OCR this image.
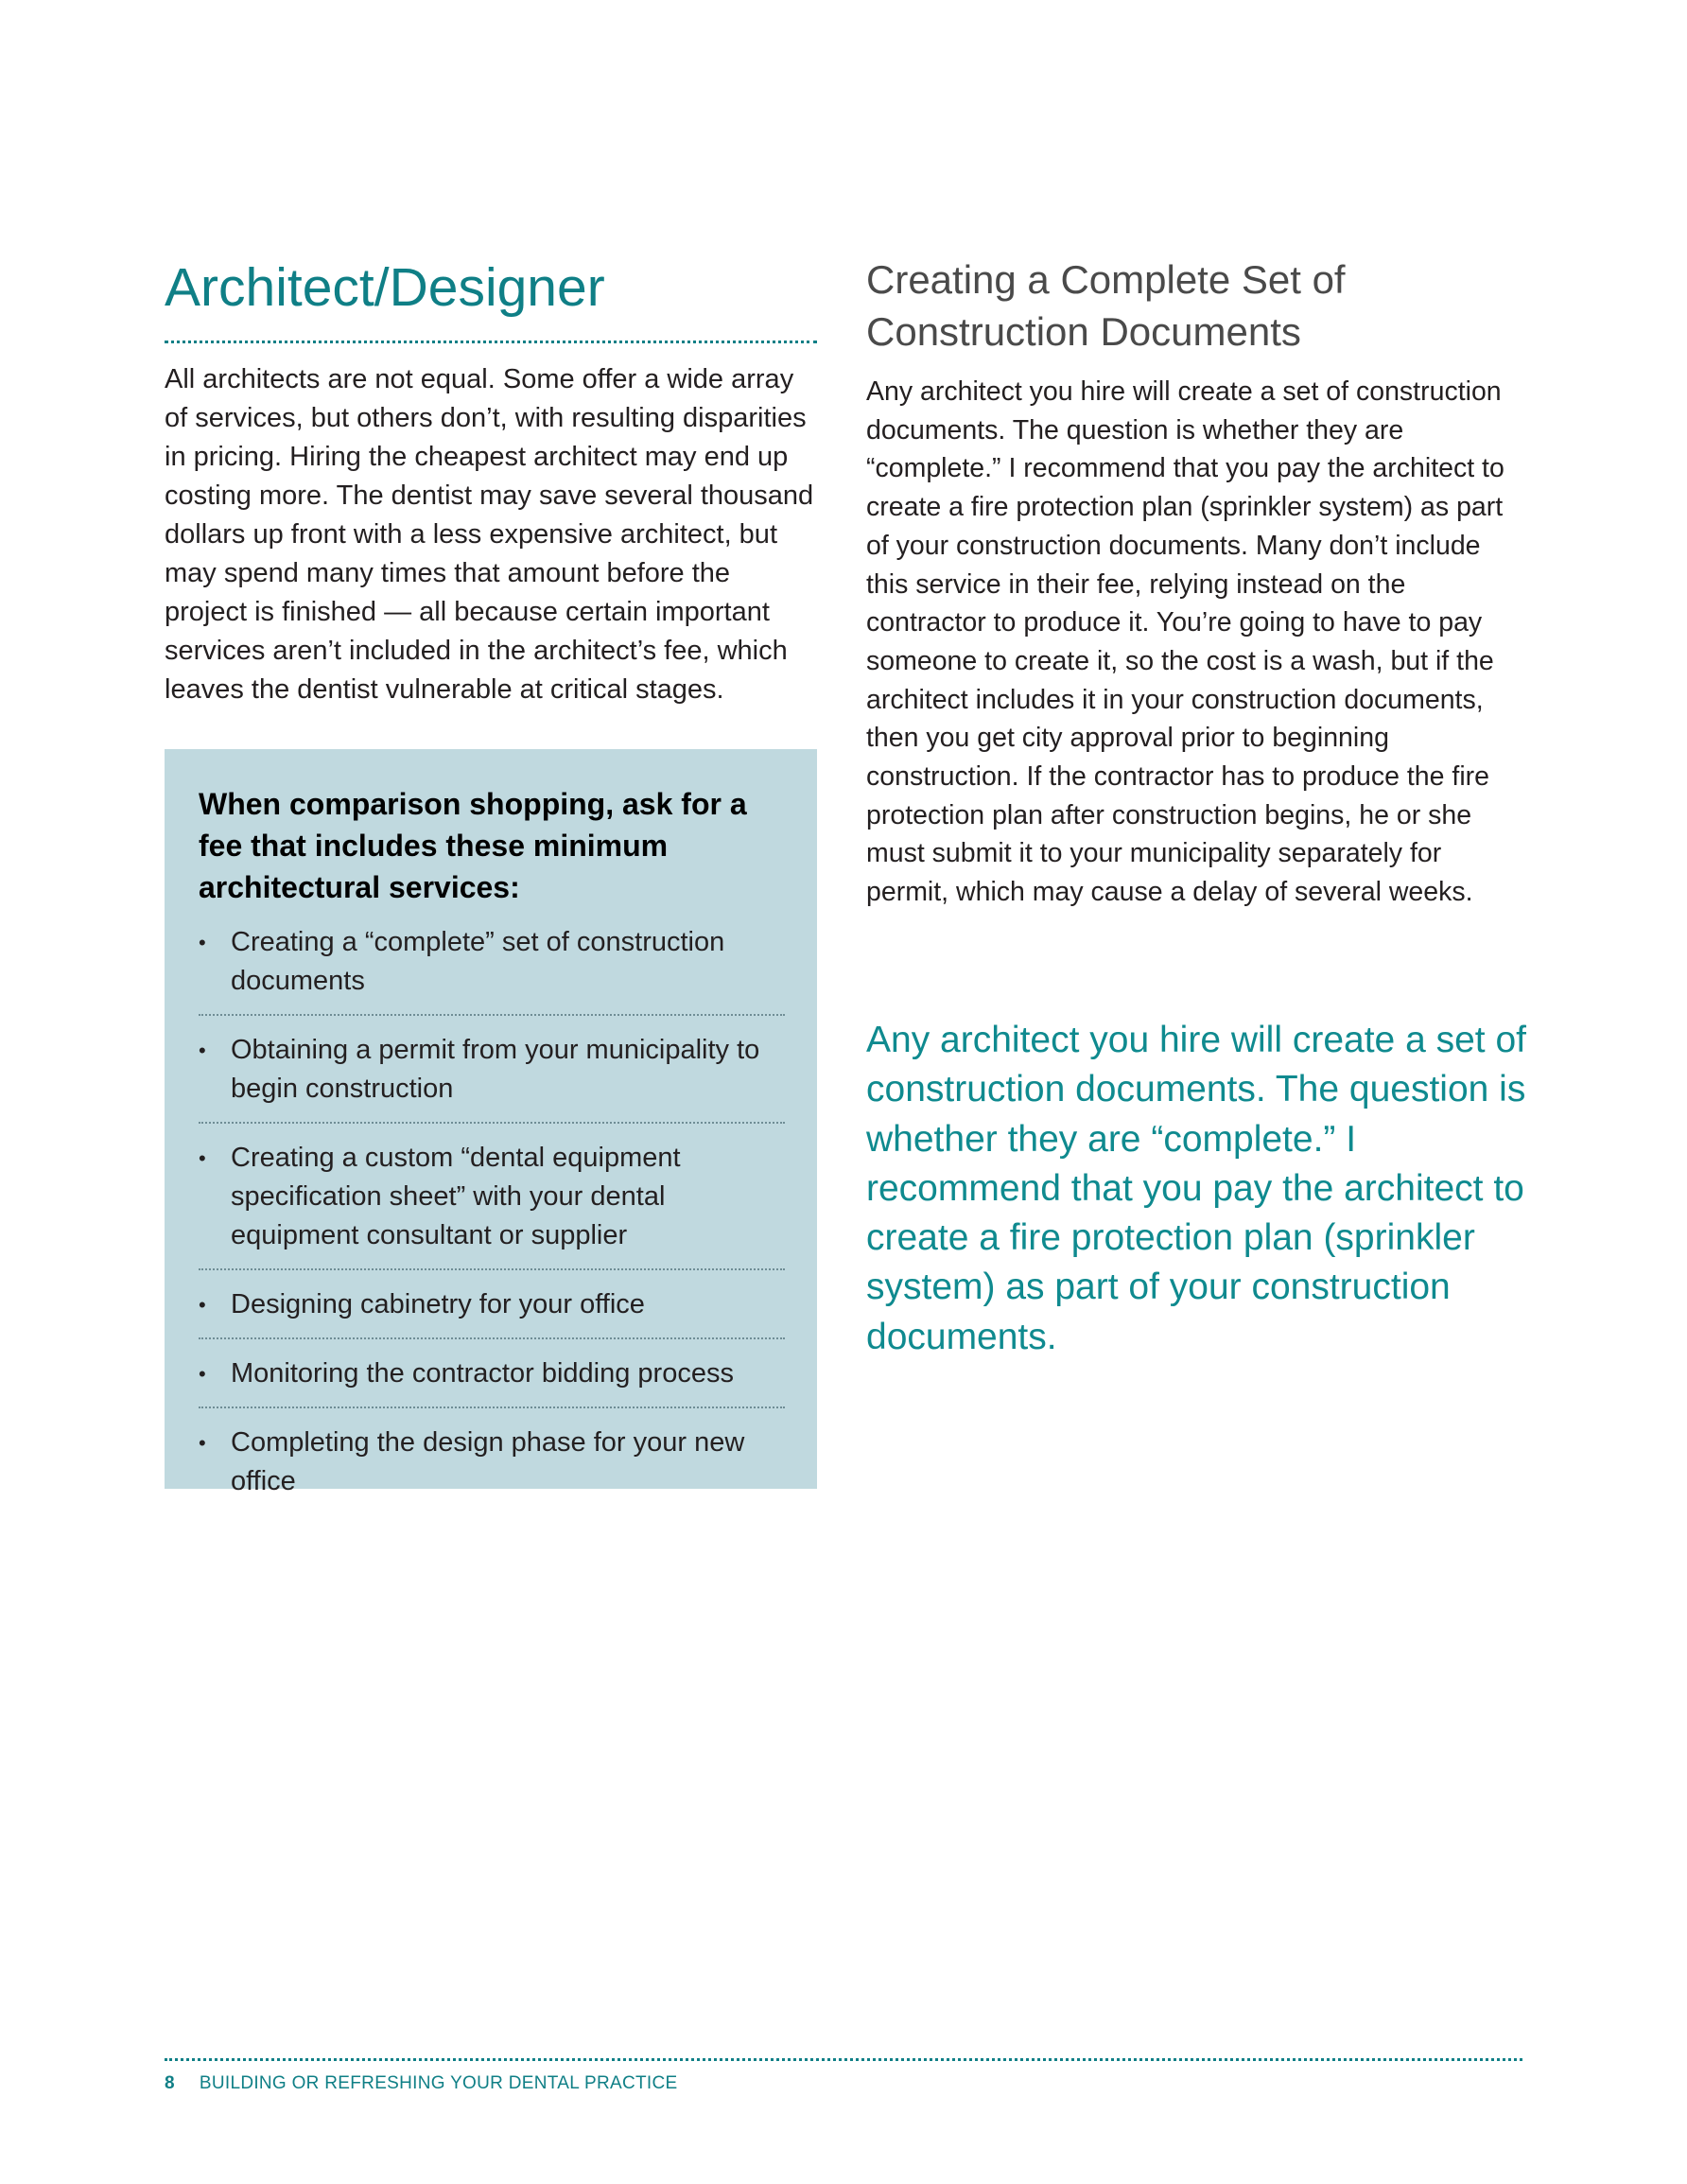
Architect/Designer

All architects are not equal. Some offer a wide array of services, but others don’t, with resulting disparities in pricing. Hiring the cheapest architect may end up costing more. The dentist may save several thousand dollars up front with a less expensive architect, but may spend many times that amount before the project is finished — all because certain important services aren’t included in the architect’s fee, which leaves the dentist vulnerable at critical stages.

When comparison shopping, ask for a fee that includes these minimum architectural services:

• Creating a “complete” set of construction documents
• Obtaining a permit from your municipality to begin construction
• Creating a custom “dental equipment specification sheet” with your dental equipment consultant or supplier
• Designing cabinetry for your office
• Monitoring the contractor bidding process
• Completing the design phase for your new office
Creating a Complete Set of Construction Documents

Any architect you hire will create a set of construction documents. The question is whether they are “complete.” I recommend that you pay the architect to create a fire protection plan (sprinkler system) as part of your construction documents. Many don’t include this service in their fee, relying instead on the contractor to produce it. You’re going to have to pay someone to create it, so the cost is a wash, but if the architect includes it in your construction documents, then you get city approval prior to beginning construction. If the contractor has to produce the fire protection plan after construction begins, he or she must submit it to your municipality separately for permit, which may cause a delay of several weeks.

Any architect you hire will create a set of construction documents. The question is whether they are “complete.” I recommend that you pay the architect to create a fire protection plan (sprinkler system) as part of your construction documents.

8 BUILDING OR REFRESHING YOUR DENTAL PRACTICE
